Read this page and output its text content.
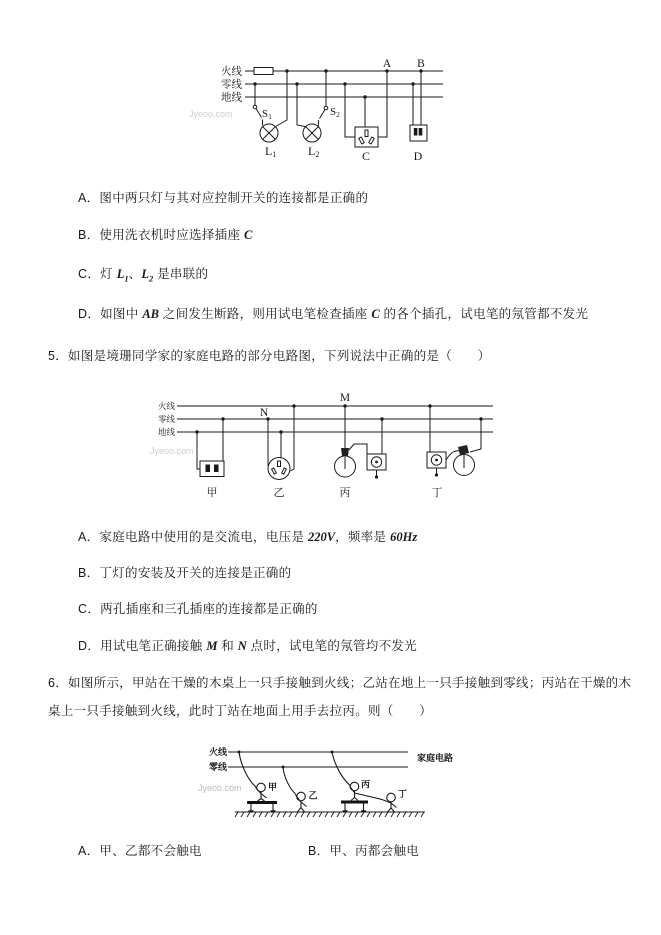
火线
零线
地线
S1	S2
L1	L2
A B
C	D
Jyeoo.com
A．图中两只灯与其对应控制开关的连接都是正确的
B．使用洗衣机时应选择插座 C
C．灯 $L_1$、$L_2$ 是串联的
D．如图中 AB 之间发生断路，则用试电笔检查插座 C 的各个插孔，试电笔的氖管都不发光
5．如图是境珊同学家的家庭电路的部分电路图，下列说法中正确的是（　　）
火线
零线
地线
N
M
甲	乙	丙	丁
Jyeoo.com
A．家庭电路中使用的是交流电，电压是 220V，频率是 60Hz
B．丁灯的安装及开关的连接是正确的
C．两孔插座和三孔插座的连接都是正确的
D．用试电笔正确接触 M 和 N 点时，试电笔的氖管均不发光
6．如图所示，甲站在干燥的木桌上一只手接触到火线；乙站在地上一只手接触到零线；丙站在干燥的木
桌上一只手接触到火线，此时丁站在地面上用手去拉丙。则（　　）
火线
零线
家庭电路
甲
乙
丙
丁
Jyeoo.com
A．甲、乙都不会触电	B．甲、丙都会触电
